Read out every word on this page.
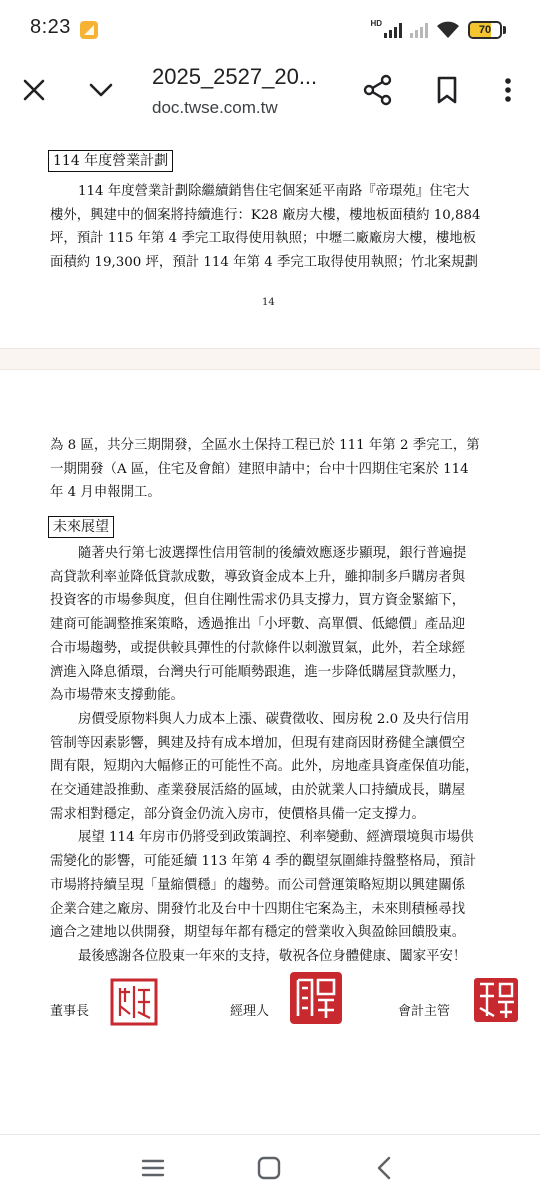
8:23	HD
70
2025_2527_20...
doc.twse.com.tw
114 年度營業計劃
114 年度營業計劃除繼續銷售住宅個案延平南路『帝璟苑』住宅大
樓外，興建中的個案將持續進行：K28 廠房大樓，樓地板面積約 10,884
坪，預計 115 年第 4 季完工取得使用執照；中壢二廠廠房大樓，樓地板
面積約 19,300 坪，預計 114 年第 4 季完工取得使用執照；竹北案規劃
14
為 8 區，共分三期開發，全區水土保持工程已於 111 年第 2 季完工，第
一期開發（A 區，住宅及會館）建照申請中；台中十四期住宅案於 114
年 4 月申報開工。
未來展望
隨著央行第七波選擇性信用管制的後續效應逐步顯現，銀行普遍提
高貸款利率並降低貸款成數，導致資金成本上升，雖抑制多戶購房者與
投資客的市場參與度，但自住剛性需求仍具支撐力，買方資金緊縮下，
建商可能調整推案策略，透過推出「小坪數、高單價、低總價」產品迎
合市場趨勢，或提供較具彈性的付款條件以刺激買氣，此外，若全球經
濟進入降息循環，台灣央行可能順勢跟進，進一步降低購屋貸款壓力，
為市場帶來支撐動能。
房價受原物料與人力成本上漲、碳費徵收、囤房稅 2.0 及央行信用
管制等因素影響，興建及持有成本增加，但現有建商因財務健全讓價空
間有限，短期內大幅修正的可能性不高。此外，房地產具資產保值功能，
在交通建設推動、產業發展活絡的區域，由於就業人口持續成長，購屋
需求相對穩定，部分資金仍流入房市，使價格具備一定支撐力。
展望 114 年房市仍將受到政策調控、利率變動、經濟環境與市場供
需變化的影響，可能延續 113 年第 4 季的觀望氛圍維持盤整格局，預計
市場將持續呈現「量縮價穩」的趨勢。而公司營運策略短期以興建關係
企業合建之廠房、開發竹北及台中十四期住宅案為主，未來則積極尋找
適合之建地以供開發，期望每年都有穩定的營業收入與盈餘回饋股東。
最後感謝各位股東一年來的支持，敬祝各位身體健康、闔家平安！
董事長	經理人	會計主管
